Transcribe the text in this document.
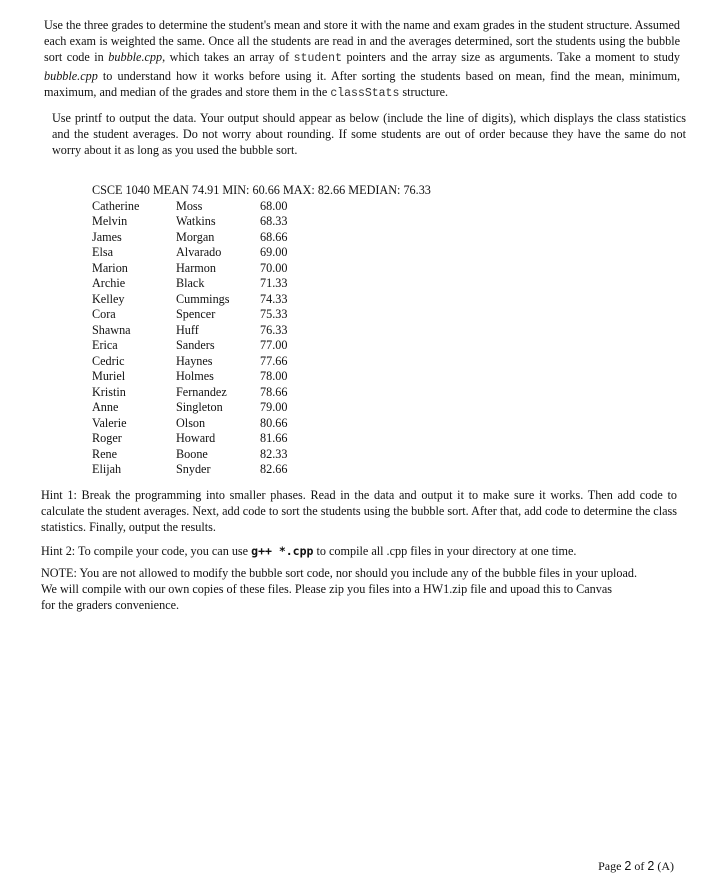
Use the three grades to determine the student's mean and store it with the name and exam grades in the student structure. Assumed each exam is weighted the same. Once all the students are read in and the averages determined, sort the students using the bubble sort code in bubble.cpp, which takes an array of student pointers and the array size as arguments. Take a moment to study bubble.cpp to understand how it works before using it. After sorting the students based on mean, find the mean, minimum, maximum, and median of the grades and store them in the classStats structure.

Use printf to output the data. Your output should appear as below (include the line of digits), which displays the class statistics and the student averages. Do not worry about rounding. If some students are out of order because they have the same do not worry about it as long as you used the bubble sort.

CSCE 1040 MEAN 74.91 MIN: 60.66 MAX: 82.66 MEDIAN: 76.33
Catherine	Moss	68.00
Melvin	Watkins	68.33
James	Morgan	68.66
Elsa	Alvarado	69.00
Marion	Harmon	70.00
Archie	Black	71.33
Kelley	Cummings	74.33
Cora	Spencer	75.33
Shawna	Huff	76.33
Erica	Sanders	77.00
Cedric	Haynes	77.66
Muriel	Holmes	78.00
Kristin	Fernandez	78.66
Anne	Singleton	79.00
Valerie	Olson	80.66
Roger	Howard	81.66
Rene	Boone	82.33
Elijah	Snyder	82.66

Hint 1: Break the programming into smaller phases. Read in the data and output it to make sure it works. Then add code to calculate the student averages. Next, add code to sort the students using the bubble sort. After that, add code to determine the class statistics. Finally, output the results.

Hint 2: To compile your code, you can use g++ *.cpp to compile all .cpp files in your directory at one time.

NOTE: You are not allowed to modify the bubble sort code, nor should you include any of the bubble files in your upload.
We will compile with our own copies of these files. Please zip you files into a HW1.zip file and upoad this to Canvas
for the graders convenience.

Page 2 of 2 (A)
